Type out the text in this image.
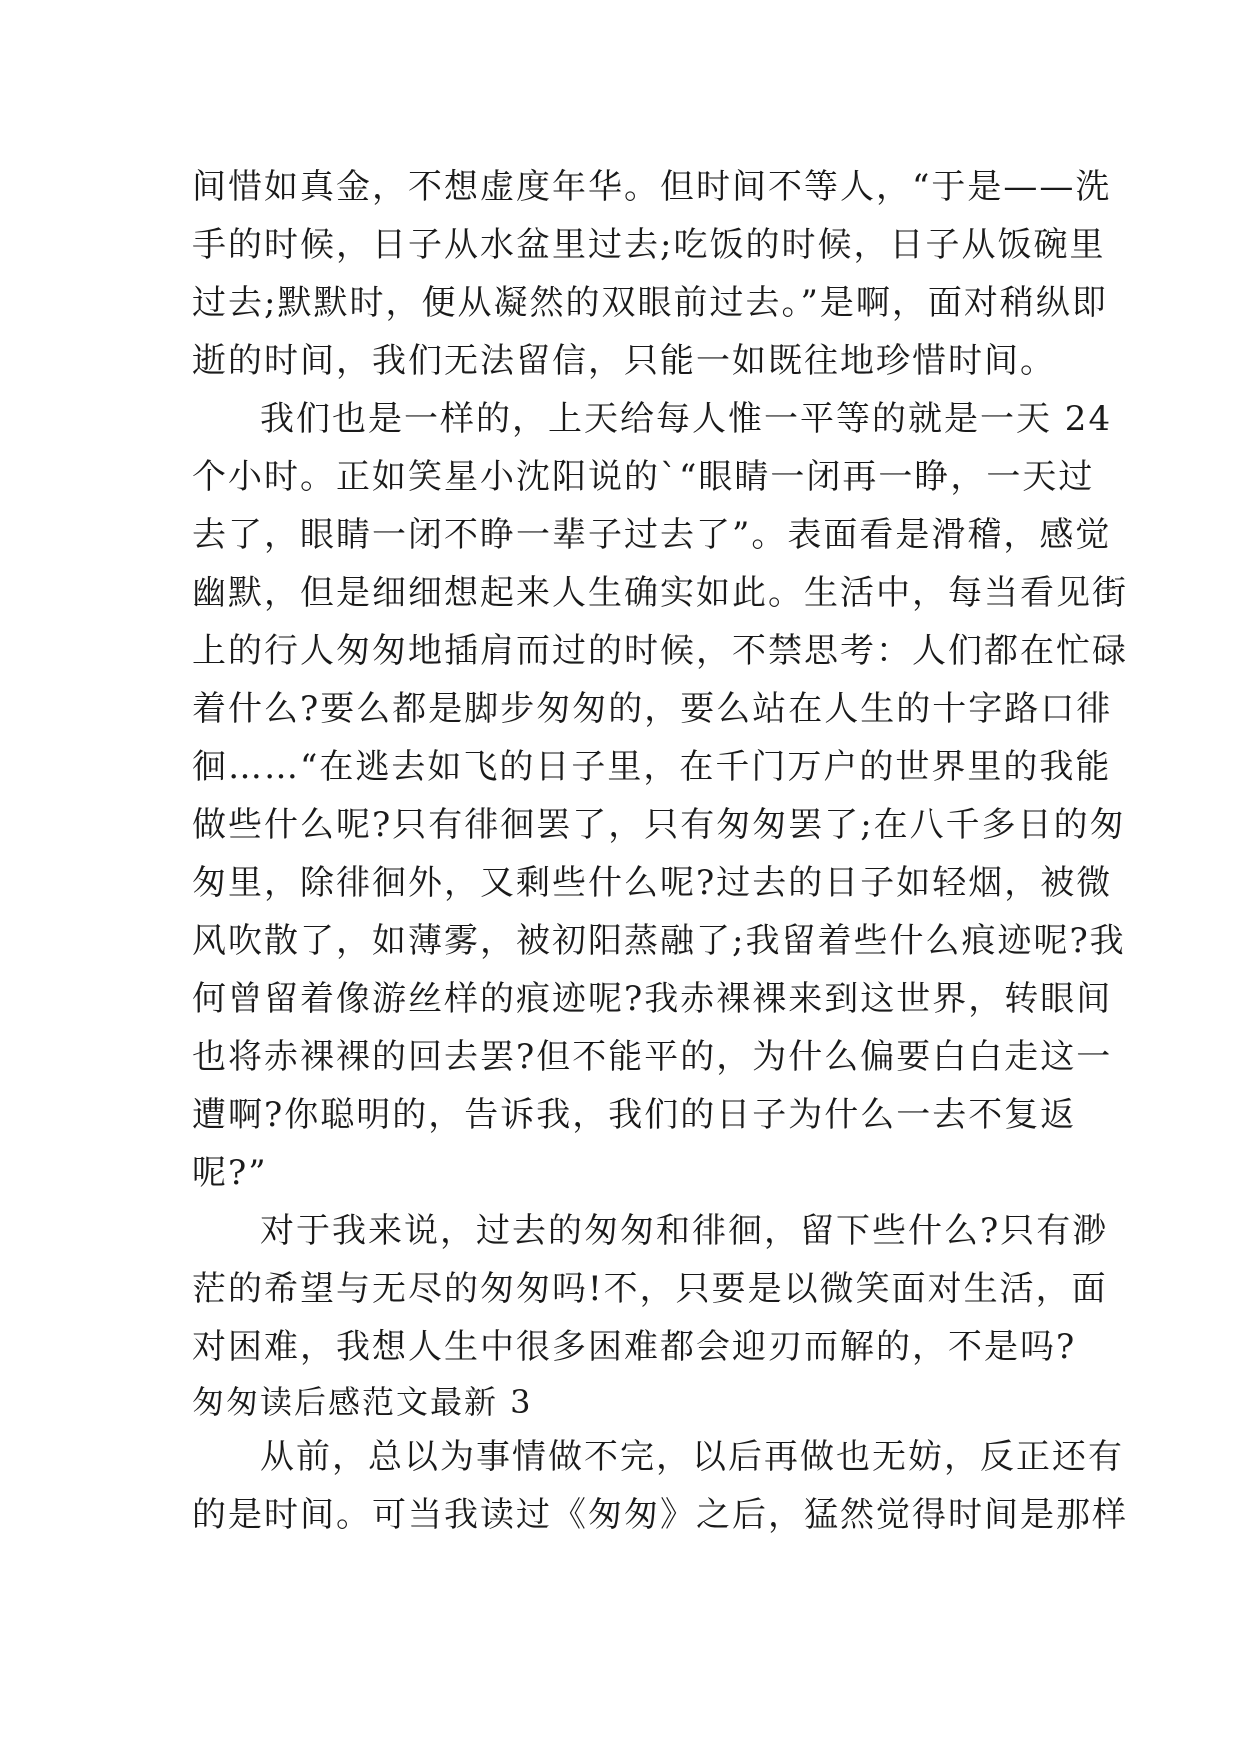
间惜如真金，不想虚度年华。但时间不等人，“于是——洗
手的时候，日子从水盆里过去;吃饭的时候，日子从饭碗里
过去;默默时，便从凝然的双眼前过去。”是啊，面对稍纵即
逝的时间，我们无法留信，只能一如既往地珍惜时间。
我们也是一样的，上天给每人惟一平等的就是一天 24
个小时。正如笑星小沈阳说的`“眼睛一闭再一睁，一天过
去了，眼睛一闭不睁一辈子过去了”。表面看是滑稽，感觉
幽默，但是细细想起来人生确实如此。生活中，每当看见街
上的行人匆匆地插肩而过的时候，不禁思考：人们都在忙碌
着什么?要么都是脚步匆匆的，要么站在人生的十字路口徘
徊……“在逃去如飞的日子里，在千门万户的世界里的我能
做些什么呢?只有徘徊罢了，只有匆匆罢了;在八千多日的匆
匆里，除徘徊外，又剩些什么呢?过去的日子如轻烟，被微
风吹散了，如薄雾，被初阳蒸融了;我留着些什么痕迹呢?我
何曾留着像游丝样的痕迹呢?我赤裸裸来到这世界，转眼间
也将赤裸裸的回去罢?但不能平的，为什么偏要白白走这一
遭啊?你聪明的，告诉我，我们的日子为什么一去不复返
呢?”
对于我来说，过去的匆匆和徘徊，留下些什么?只有渺
茫的希望与无尽的匆匆吗!不，只要是以微笑面对生活，面
对困难，我想人生中很多困难都会迎刃而解的，不是吗?
匆匆读后感范文最新 3
从前，总以为事情做不完，以后再做也无妨，反正还有
的是时间。可当我读过《匆匆》之后，猛然觉得时间是那样
